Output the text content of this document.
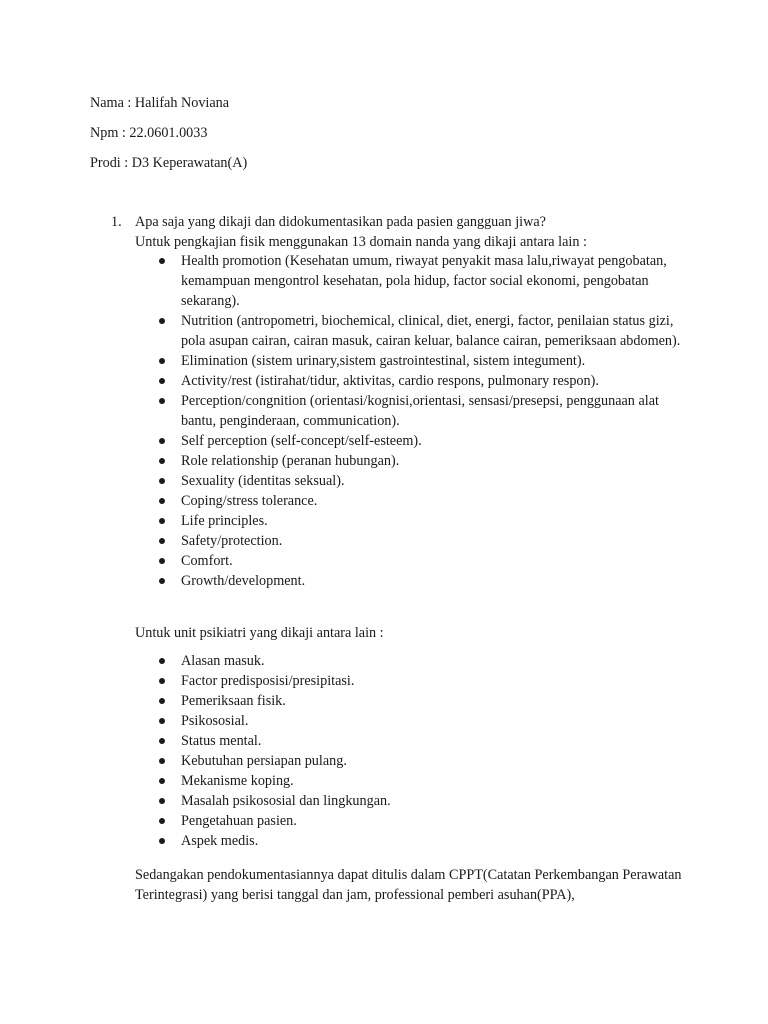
Nama : Halifah Noviana
Npm : 22.0601.0033
Prodi : D3 Keperawatan(A)
1. Apa saja yang dikaji dan didokumentasikan pada pasien gangguan jiwa?
Untuk pengkajian fisik menggunakan 13 domain nanda yang dikaji antara lain :
Health promotion (Kesehatan umum, riwayat penyakit masa lalu,riwayat pengobatan, kemampuan mengontrol kesehatan, pola hidup, factor social ekonomi, pengobatan sekarang).
Nutrition (antropometri, biochemical, clinical, diet, energi, factor, penilaian status gizi, pola asupan cairan, cairan masuk, cairan keluar, balance cairan, pemeriksaan abdomen).
Elimination (sistem urinary,sistem gastrointestinal, sistem integument).
Activity/rest (istirahat/tidur, aktivitas, cardio respons, pulmonary respon).
Perception/congnition (orientasi/kognisi,orientasi, sensasi/presepsi, penggunaan alat bantu, penginderaan, communication).
Self perception (self-concept/self-esteem).
Role relationship (peranan hubungan).
Sexuality (identitas seksual).
Coping/stress tolerance.
Life principles.
Safety/protection.
Comfort.
Growth/development.
Untuk unit psikiatri yang dikaji antara lain :
Alasan masuk.
Factor predisposisi/presipitasi.
Pemeriksaan fisik.
Psikososial.
Status mental.
Kebutuhan persiapan pulang.
Mekanisme koping.
Masalah psikososial dan lingkungan.
Pengetahuan pasien.
Aspek medis.
Sedangakan pendokumentasiannya dapat ditulis dalam CPPT(Catatan Perkembangan Perawatan Terintegrasi) yang berisi tanggal dan jam, professional pemberi asuhan(PPA),
